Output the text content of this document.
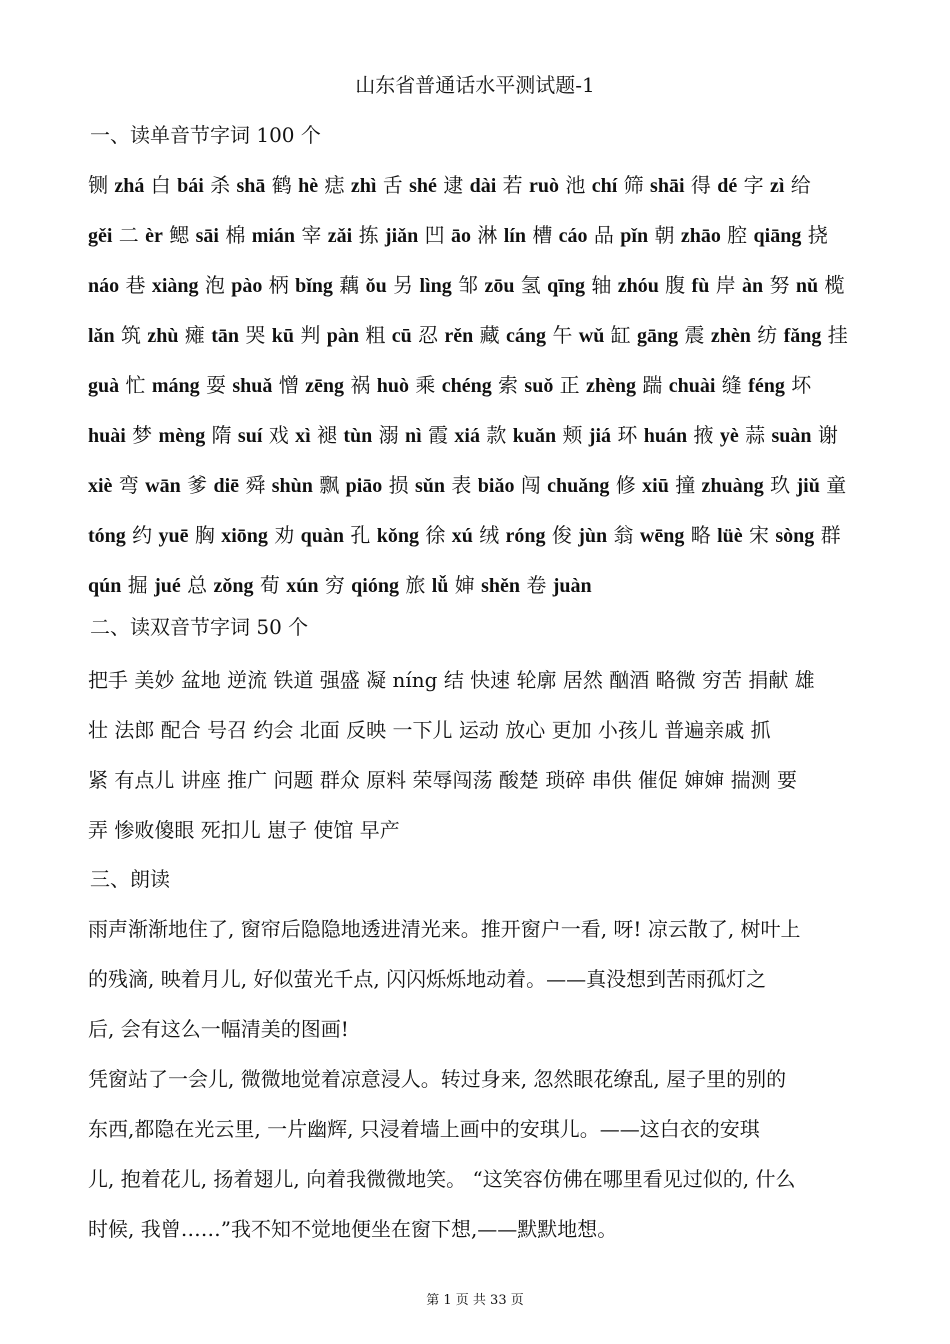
山东省普通话水平测试题-1
一、读单音节字词 100 个
铡 zhá 白 bái 杀 shā 鹤 hè 痣 zhì 舌 shé 逮 dài 若 ruò 池 chí 筛 shāi 得 dé 字 zì 给
gěi 二 èr 鳃 sāi 棉 mián 宰 zǎi 拣 jiǎn 凹 āo 淋 lín 槽 cáo 品 pǐn 朝 zhāo 腔 qiāng 挠
náo 巷 xiàng 泡 pào 柄 bǐng 藕 ǒu 另 lìng 邹 zōu 氢 qīng 轴 zhóu 腹 fù 岸 àn 努 nǔ 榄
lǎn 筑 zhù 瘫 tān 哭 kū 判 pàn 粗 cū 忍 rěn 藏 cáng 午 wǔ 缸 gāng 震 zhèn 纺 fǎng 挂
guà 忙 máng 耍 shuǎ 憎 zēng 祸 huò 乘 chéng 索 suǒ 正 zhèng 踹 chuài 缝 féng 坏
huài 梦 mèng 隋 suí 戏 xì 褪 tùn 溺 nì 霞 xiá 款 kuǎn 颊 jiá 环 huán 掖 yè 蒜 suàn 谢
xiè 弯 wān 爹 diē 舜 shùn 飘 piāo 损 sǔn 表 biǎo 闯 chuǎng 修 xiū 撞 zhuàng 玖 jiǔ 童
tóng 约 yuē 胸 xiōng 劝 quàn 孔 kǒng 徐 xú 绒 róng 俊 jùn 翁 wēng 略 lüè 宋 sòng 群
qún 掘 jué 总 zǒng 荀 xún 穷 qióng 旅 lǚ 婶 shěn 卷 juàn
二、读双音节字词 50 个
把手 美妙 盆地 逆流 铁道 强盛 凝 níng 结 快速 轮廓 居然 酗酒 略微 穷苦 捐献 雄
壮 法郎 配合 号召 约会 北面 反映 一下儿 运动 放心 更加 小孩儿 普遍亲戚 抓
紧 有点儿 讲座 推广 问题 群众 原料 荣辱闯荡 酸楚 琐碎 串供 催促 婶婶 揣测 要
弄 惨败傻眼 死扣儿 崽子 使馆 早产
三、朗读
雨声渐渐地住了, 窗帘后隐隐地透进清光来。推开窗户一看, 呀! 凉云散了, 树叶上
的残滴, 映着月儿, 好似萤光千点, 闪闪烁烁地动着。——真没想到苦雨孤灯之
后, 会有这么一幅清美的图画!
凭窗站了一会儿, 微微地觉着凉意浸人。转过身来, 忽然眼花缭乱, 屋子里的别的
东西,都隐在光云里, 一片幽辉, 只浸着墙上画中的安琪儿。——这白衣的安琪
儿, 抱着花儿, 扬着翅儿, 向着我微微地笑。 “这笑容仿佛在哪里看见过似的, 什么
时候, 我曾……”我不知不觉地便坐在窗下想,——默默地想。
第 1 页 共 33 页
